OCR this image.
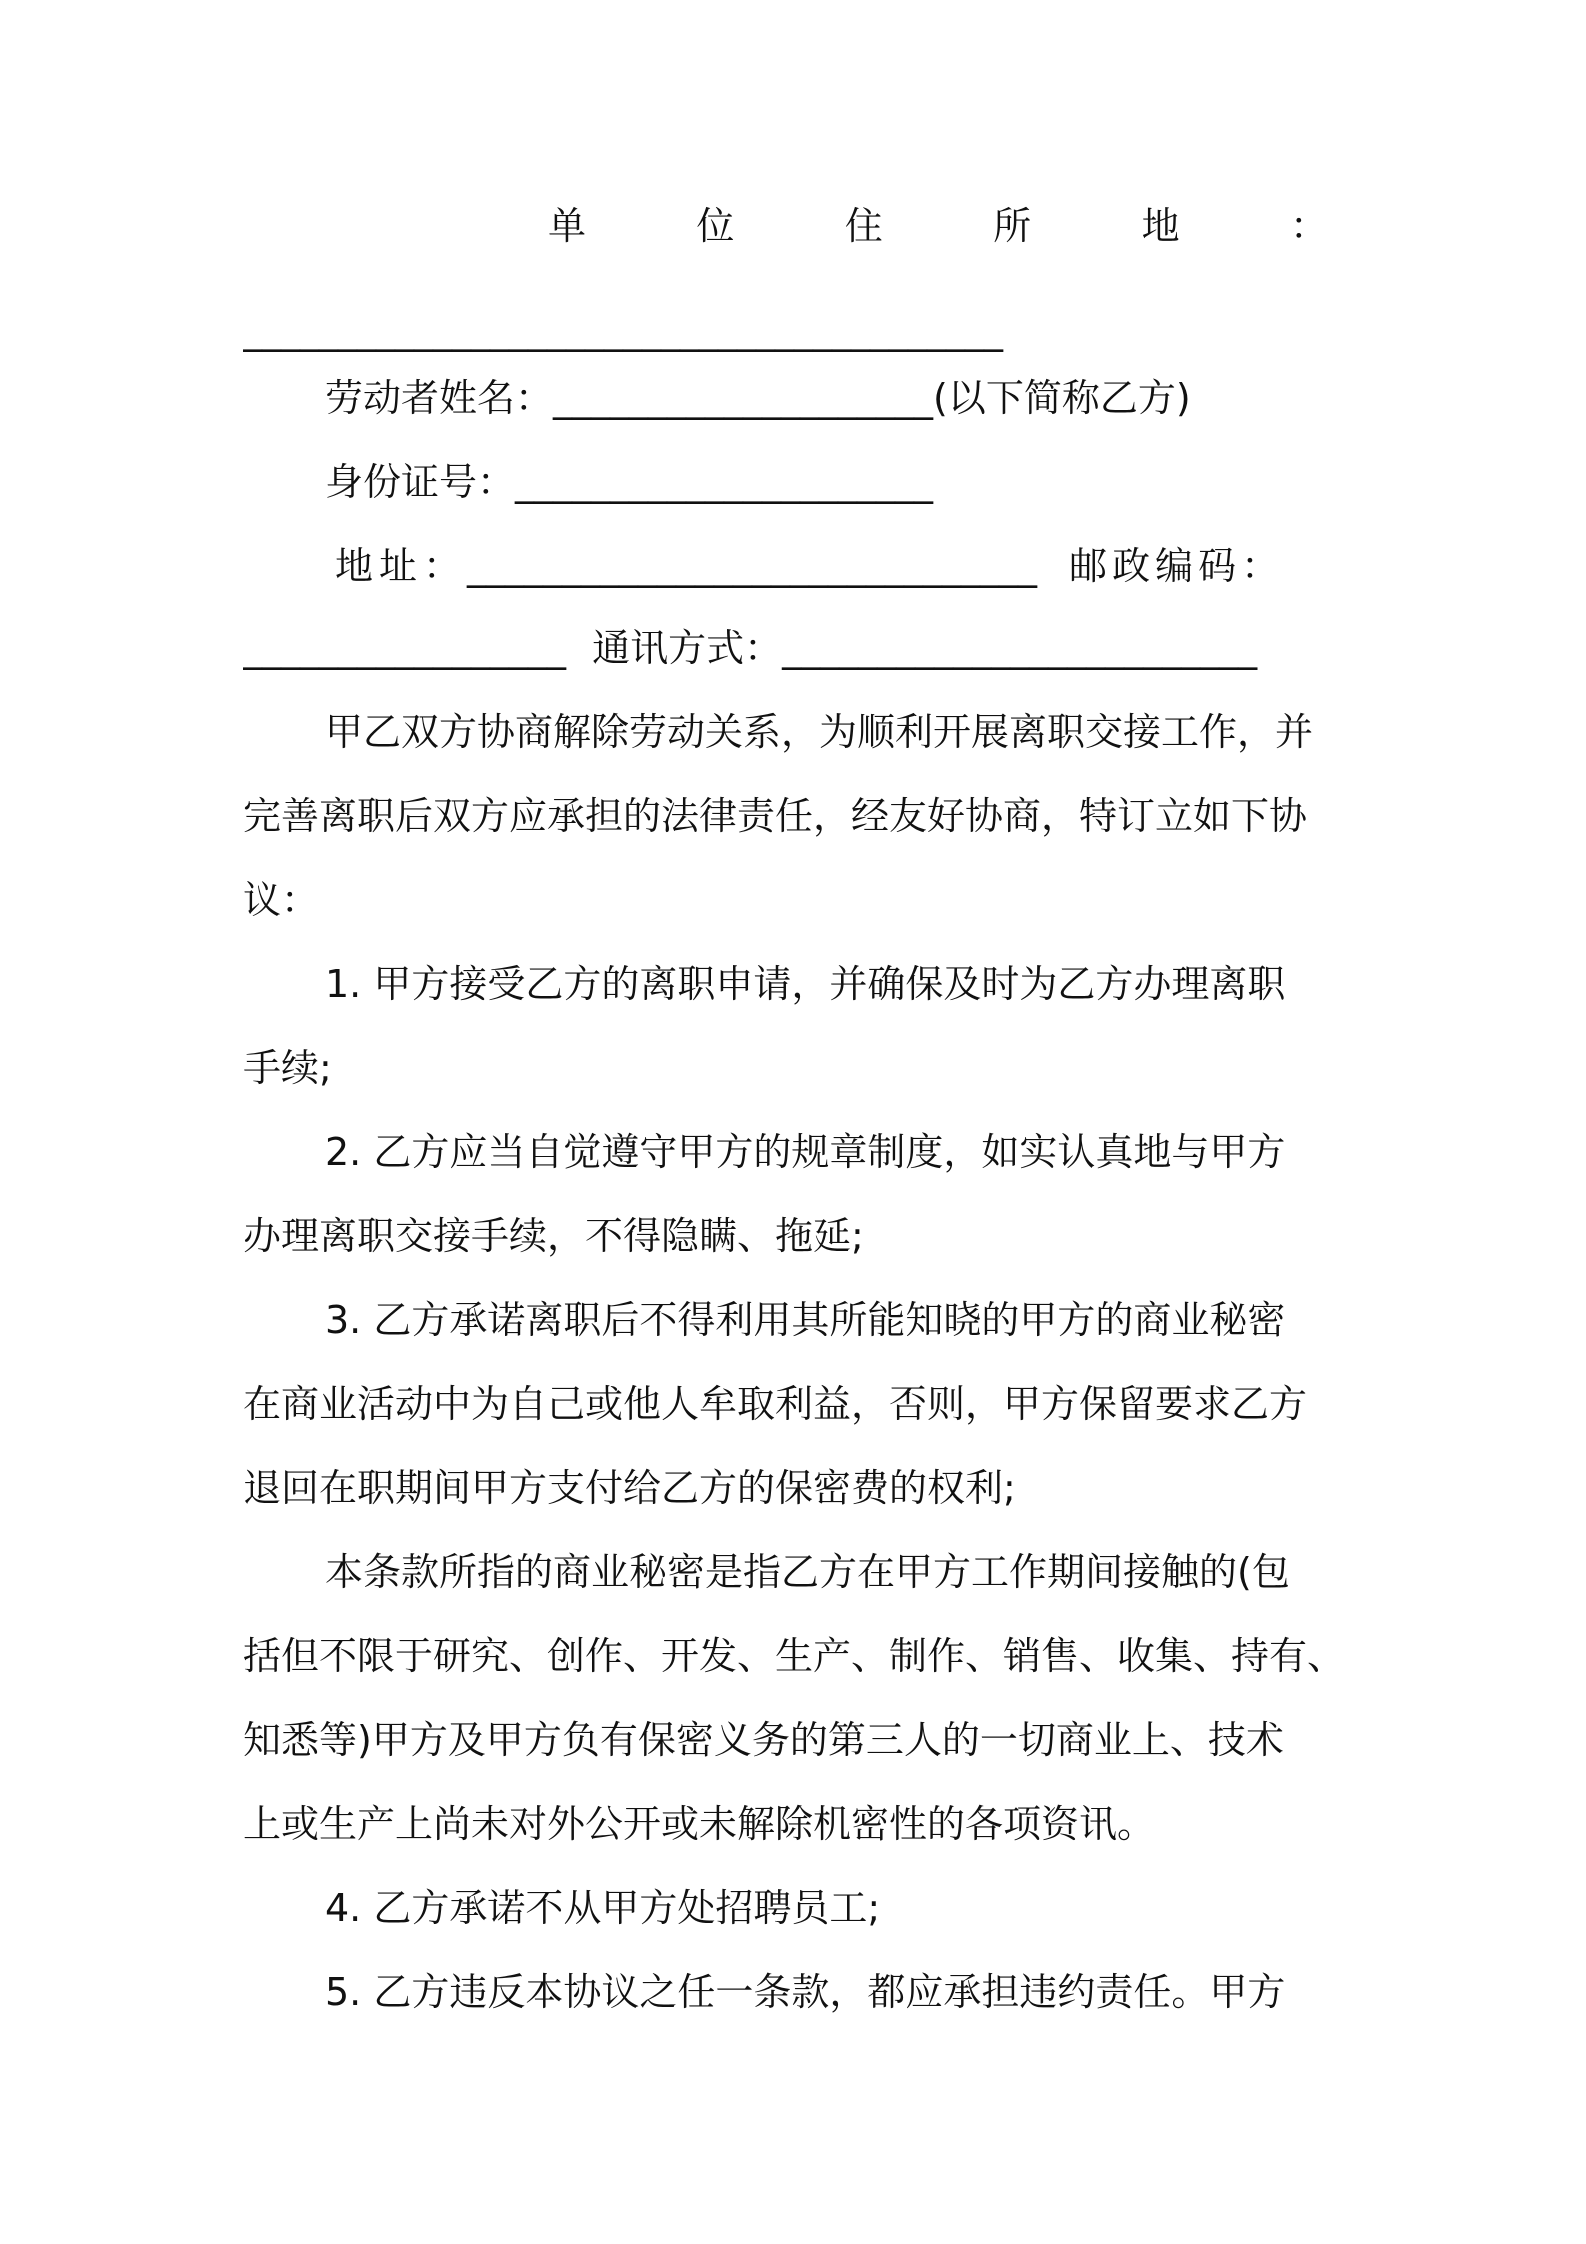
单	位	住	所	地	：
________________________________________
劳动者姓名：____________________(以下简称乙方)
身份证号：______________________
地址：______________________________ 邮政编码：
_________________ 通讯方式：_________________________
甲乙双方协商解除劳动关系，为顺利开展离职交接工作，并
完善离职后双方应承担的法律责任，经友好协商，特订立如下协
议：
1. 甲方接受乙方的离职申请，并确保及时为乙方办理离职
手续;
2. 乙方应当自觉遵守甲方的规章制度，如实认真地与甲方
办理离职交接手续，不得隐瞒、拖延;
3. 乙方承诺离职后不得利用其所能知晓的甲方的商业秘密
在商业活动中为自己或他人牟取利益，否则，甲方保留要求乙方
退回在职期间甲方支付给乙方的保密费的权利;
本条款所指的商业秘密是指乙方在甲方工作期间接触的(包
括但不限于研究、创作、开发、生产、制作、销售、收集、持有、
知悉等)甲方及甲方负有保密义务的第三人的一切商业上、技术
上或生产上尚未对外公开或未解除机密性的各项资讯。
4. 乙方承诺不从甲方处招聘员工;
5. 乙方违反本协议之任一条款，都应承担违约责任。甲方
